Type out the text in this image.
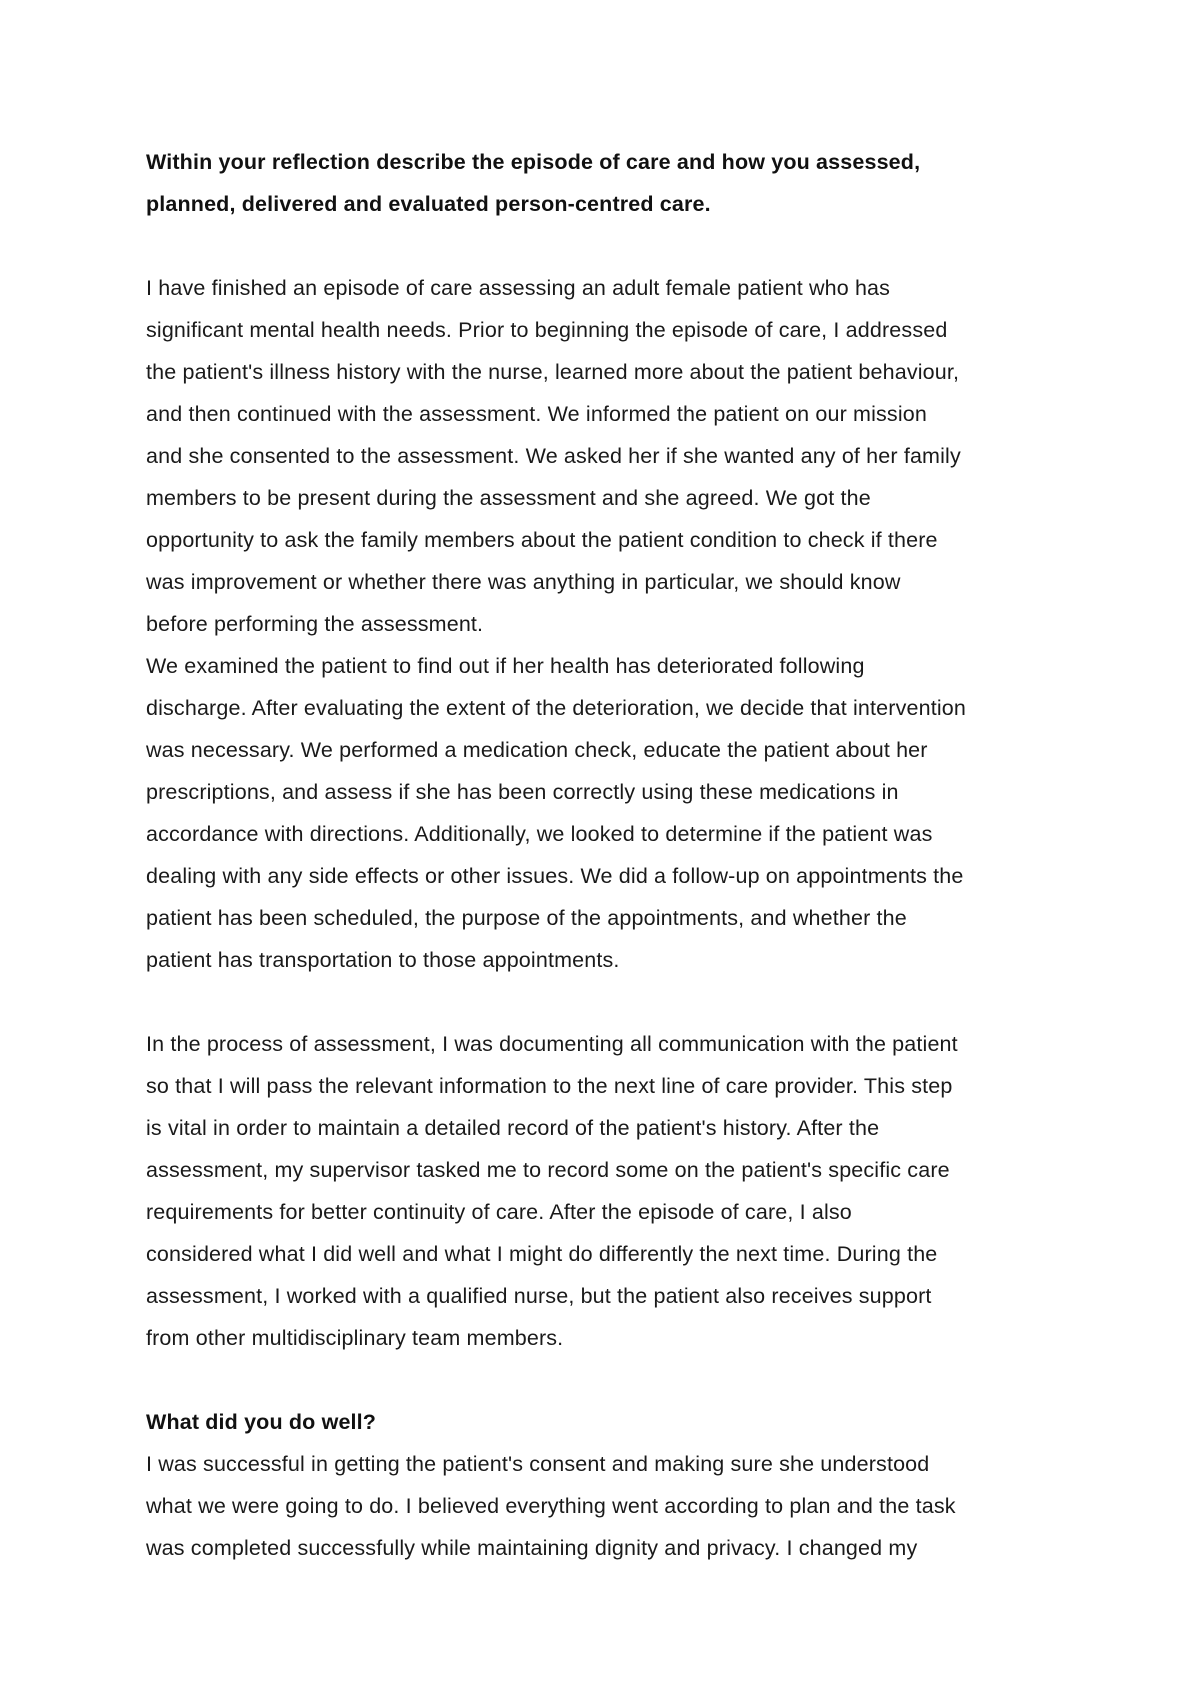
Within your reflection describe the episode of care and how you assessed,
planned, delivered and evaluated person-centred care.
I have finished an episode of care assessing an adult female patient who has
significant mental health needs. Prior to beginning the episode of care, I addressed
the patient's illness history with the nurse, learned more about the patient behaviour,
and then continued with the assessment. We informed the patient on our mission
and she consented to the assessment. We asked her if she wanted any of her family
members to be present during the assessment and she agreed. We got the
opportunity to ask the family members about the patient condition to check if there
was improvement or whether there was anything in particular, we should know
before performing the assessment.
We examined the patient to find out if her health has deteriorated following
discharge. After evaluating the extent of the deterioration, we decide that intervention
was necessary. We performed a medication check, educate the patient about her
prescriptions, and assess if she has been correctly using these medications in
accordance with directions. Additionally, we looked to determine if the patient was
dealing with any side effects or other issues. We did a follow-up on appointments the
patient has been scheduled, the purpose of the appointments, and whether the
patient has transportation to those appointments.
In the process of assessment, I was documenting all communication with the patient
so that I will pass the relevant information to the next line of care provider. This step
is vital in order to maintain a detailed record of the patient's history. After the
assessment, my supervisor tasked me to record some on the patient's specific care
requirements for better continuity of care. After the episode of care, I also
considered what I did well and what I might do differently the next time. During the
assessment, I worked with a qualified nurse, but the patient also receives support
from other multidisciplinary team members.
What did you do well?
I was successful in getting the patient's consent and making sure she understood
what we were going to do. I believed everything went according to plan and the task
was completed successfully while maintaining dignity and privacy. I changed my
